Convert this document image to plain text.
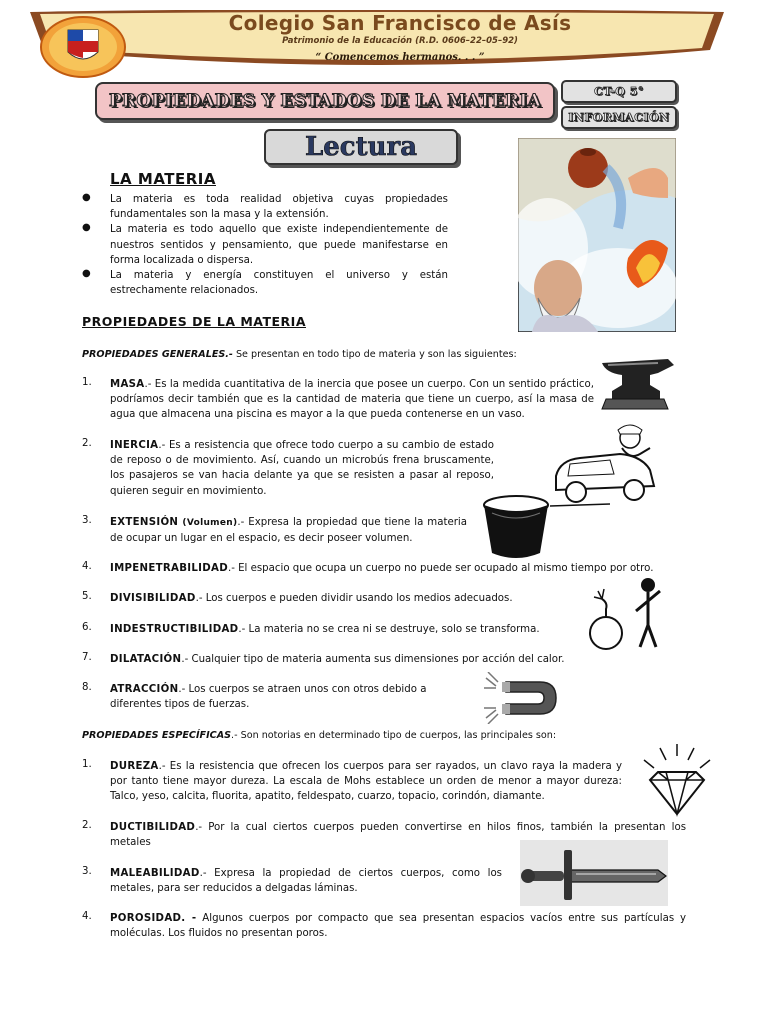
Colegio San Francisco de Asís
Patrimonio de la Educación (R.D. 0606–22–05–92)
“ Comencemos hermanos. . . ”
PROPIEDADES Y ESTADOS DE LA MATERIA	CT-Q 5°
INFORMACIÓN
Lectura
LA MATERIA
●	La materia es toda realidad objetiva cuyas propiedades fundamentales son la masa y la extensión.
●	La materia es todo aquello que existe independientemente de nuestros sentidos y pensamiento, que puede manifestarse en forma localizada o dispersa.
●	La materia y energía constituyen el universo y están estrechamente relacionados.
PROPIEDADES DE LA MATERIA
PROPIEDADES GENERALES.- Se presentan en todo tipo de materia y son las siguientes:
1.	MASA.- Es la medida cuantitativa de la inercia que posee un cuerpo. Con un sentido práctico, podríamos decir también que es la cantidad de materia que tiene un cuerpo, así la masa de agua que almacena una piscina es mayor a la que pueda contenerse en un vaso.
2.	INERCIA.- Es a resistencia que ofrece todo cuerpo a su cambio de estado de reposo o de movimiento. Así, cuando un microbús frena bruscamente, los pasajeros se van hacia delante ya que se resisten a pasar al reposo, quieren seguir en movimiento.
3.	EXTENSIÓN (Volumen).- Expresa la propiedad que tiene la materia de ocupar un lugar en el espacio, es decir poseer volumen.
4.	IMPENETRABILIDAD.- El espacio que ocupa un cuerpo no puede ser ocupado al mismo tiempo por otro.
5.	DIVISIBILIDAD.- Los cuerpos e pueden dividir usando los medios adecuados.
6.	INDESTRUCTIBILIDAD.- La materia no se crea ni se destruye, solo se transforma.
7.	DILATACIÓN.- Cualquier tipo de materia aumenta sus dimensiones por acción del calor.
8.	ATRACCIÓN.- Los cuerpos se atraen unos con otros debido a diferentes tipos de fuerzas.
PROPIEDADES ESPECÍFICAS.- Son notorias en determinado tipo de cuerpos, las principales son:
1.	DUREZA.- Es la resistencia que ofrecen los cuerpos para ser rayados, un clavo raya la madera y por tanto tiene mayor dureza. La escala de Mohs establece un orden de menor a mayor dureza: Talco, yeso, calcita, fluorita, apatito, feldespato, cuarzo, topacio, corindón, diamante.
2.	DUCTIBILIDAD.- Por la cual ciertos cuerpos pueden convertirse en hilos finos, también la presentan los metales
3.	MALEABILIDAD.- Expresa la propiedad de ciertos cuerpos, como los metales, para ser reducidos a delgadas láminas.
4.	POROSIDAD. - Algunos cuerpos por compacto que sea presentan espacios vacíos entre sus partículas y moléculas. Los fluidos no presentan poros.
